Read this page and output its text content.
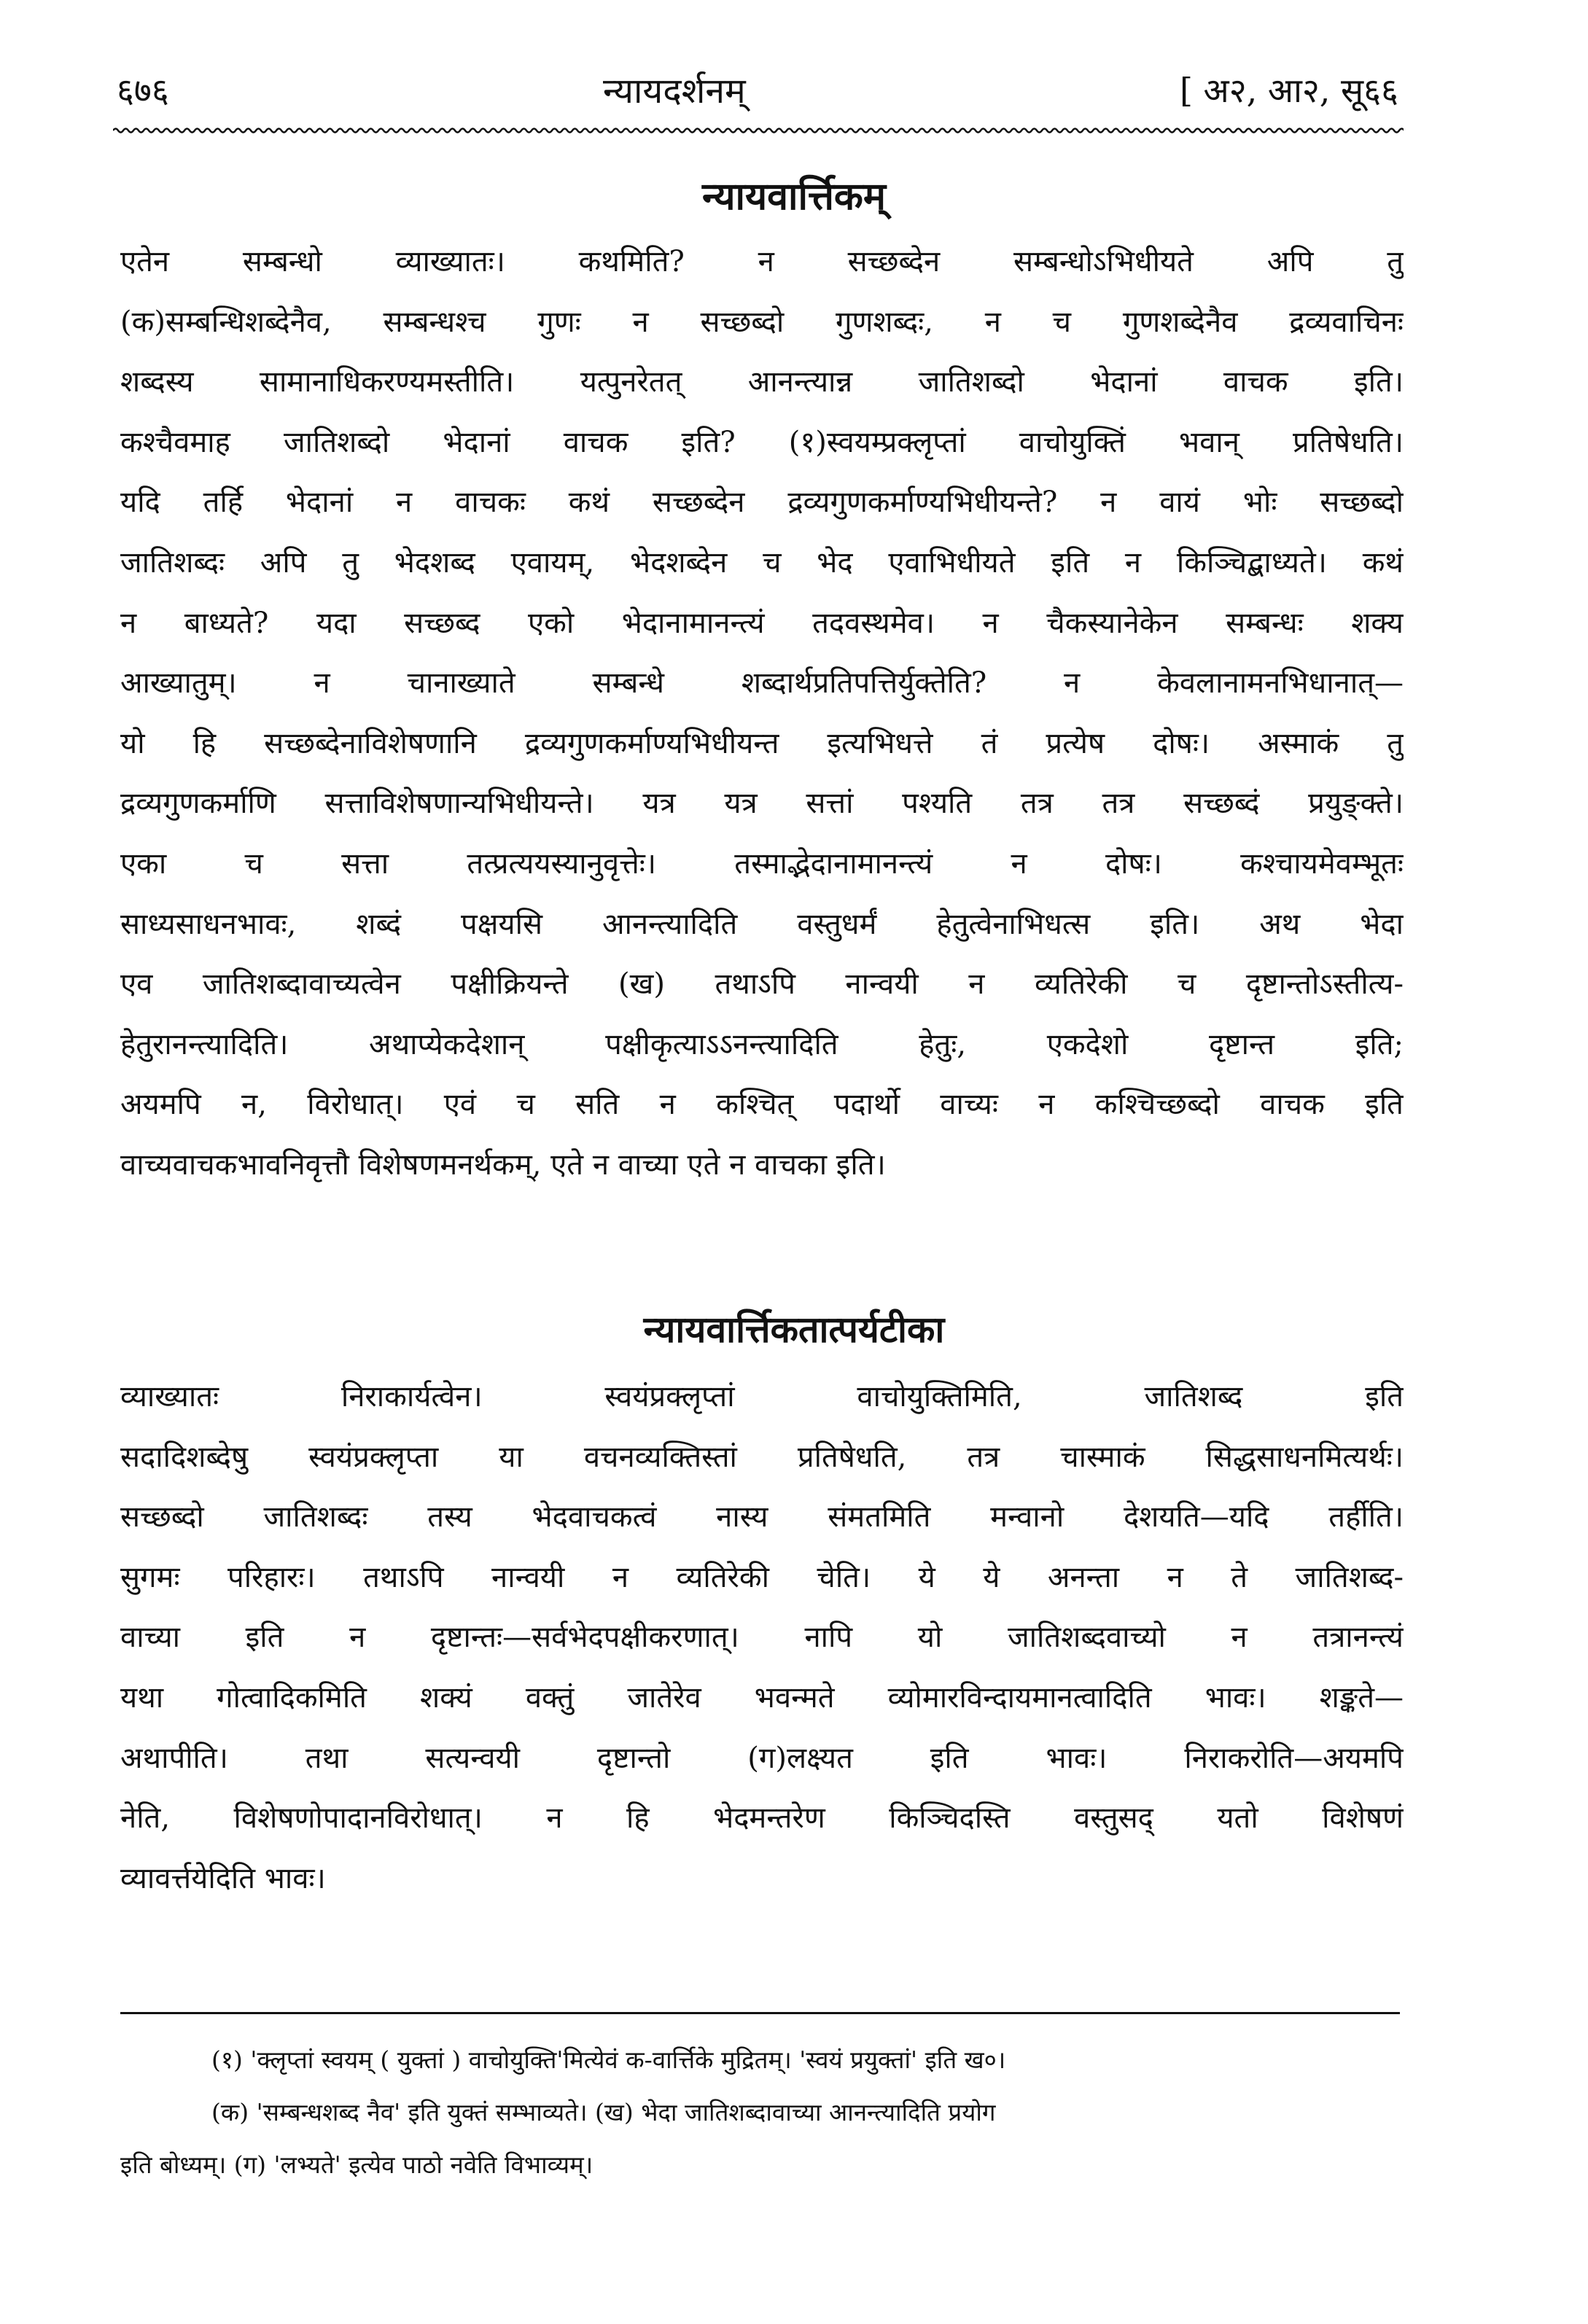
६७६	न्यायदर्शनम्	[ अ२, आ२, सू६६
न्यायवार्त्तिकम्
एतेन सम्बन्धो व्याख्यातः। कथमिति? न सच्छब्देन सम्बन्धोऽभिधीयते अपि तु
(क)सम्बन्धिशब्देनैव, सम्बन्धश्च गुणः न सच्छब्दो गुणशब्दः, न च गुणशब्देनैव द्रव्यवाचिनः
शब्दस्य सामानाधिकरण्यमस्तीति। यत्पुनरेतत् आनन्त्यान्न जातिशब्दो भेदानां वाचक इति।
कश्चैवमाह जातिशब्दो भेदानां वाचक इति? (१)स्वयम्प्रक्लृप्तां वाचोयुक्तिं भवान् प्रतिषेधति।
यदि तर्हि भेदानां न वाचकः कथं सच्छब्देन द्रव्यगुणकर्माण्यभिधीयन्ते? न वायं भोः सच्छब्दो
जातिशब्दः अपि तु भेदशब्द एवायम्, भेदशब्देन च भेद एवाभिधीयते इति न किञ्चिद्बाध्यते। कथं
न बाध्यते? यदा सच्छब्द एको भेदानामानन्त्यं तदवस्थमेव। न चैकस्यानेकेन सम्बन्धः शक्य
आख्यातुम्। न चानाख्याते सम्बन्धे शब्दार्थप्रतिपत्तिर्युक्तेति? न केवलानामनभिधानात्—
यो हि सच्छब्देनाविशेषणानि द्रव्यगुणकर्माण्यभिधीयन्त इत्यभिधत्ते तं प्रत्येष दोषः। अस्माकं तु
द्रव्यगुणकर्माणि सत्ताविशेषणान्यभिधीयन्ते। यत्र यत्र सत्तां पश्यति तत्र तत्र सच्छब्दं प्रयुङ्क्ते।
एका च सत्ता तत्प्रत्ययस्यानुवृत्तेः। तस्माद्भेदानामानन्त्यं न दोषः। कश्चायमेवम्भूतः
साध्यसाधनभावः, शब्दं पक्षयसि आनन्त्यादिति वस्तुधर्मं हेतुत्वेनाभिधत्स इति। अथ भेदा
एव जातिशब्दावाच्यत्वेन पक्षीक्रियन्ते (ख) तथाऽपि नान्वयी न व्यतिरेकी च दृष्टान्तोऽस्तीत्य-
हेतुरानन्त्यादिति। अथाप्येकदेशान् पक्षीकृत्याऽऽनन्त्यादिति हेतुः, एकदेशो दृष्टान्त इति;
अयमपि न, विरोधात्। एवं च सति न कश्चित् पदार्थो वाच्यः न कश्चिच्छब्दो वाचक इति
वाच्यवाचकभावनिवृत्तौ विशेषणमनर्थकम्, एते न वाच्या एते न वाचका इति।
न्यायवार्त्तिकतात्पर्यटीका
व्याख्यातः निराकार्यत्वेन। स्वयंप्रक्लृप्तां वाचोयुक्तिमिति, जातिशब्द इति
सदादिशब्देषु स्वयंप्रक्लृप्ता या वचनव्यक्तिस्तां प्रतिषेधति, तत्र चास्माकं सिद्धसाधनमित्यर्थः।
सच्छब्दो जातिशब्दः तस्य भेदवाचकत्वं नास्य संमतमिति मन्वानो देशयति—यदि तर्हीति।
सुगमः परिहारः। तथाऽपि नान्वयी न व्यतिरेकी चेति। ये ये अनन्ता न ते जातिशब्द-
वाच्या इति न दृष्टान्तः—सर्वभेदपक्षीकरणात्। नापि यो जातिशब्दवाच्यो न तत्रानन्त्यं
यथा गोत्वादिकमिति शक्यं वक्तुं जातेरेव भवन्मते व्योमारविन्दायमानत्वादिति भावः। शङ्कते—
अथापीति। तथा सत्यन्वयी दृष्टान्तो (ग)लक्ष्यत इति भावः। निराकरोति—अयमपि
नेति, विशेषणोपादानविरोधात्। न हि भेदमन्तरेण किञ्चिदस्ति वस्तुसद् यतो विशेषणं
व्यावर्त्तयेदिति भावः।
(१) 'क्लृप्तां स्वयम् ( युक्तां ) वाचोयुक्ति'मित्येवं क-वार्त्तिके मुद्रितम्। 'स्वयं प्रयुक्तां' इति ख०।
(क) 'सम्बन्धशब्द नैव' इति युक्तं सम्भाव्यते। (ख) भेदा जातिशब्दावाच्या आनन्त्यादिति प्रयोग
इति बोध्यम्। (ग) 'लभ्यते' इत्येव पाठो नवेति विभाव्यम्।
